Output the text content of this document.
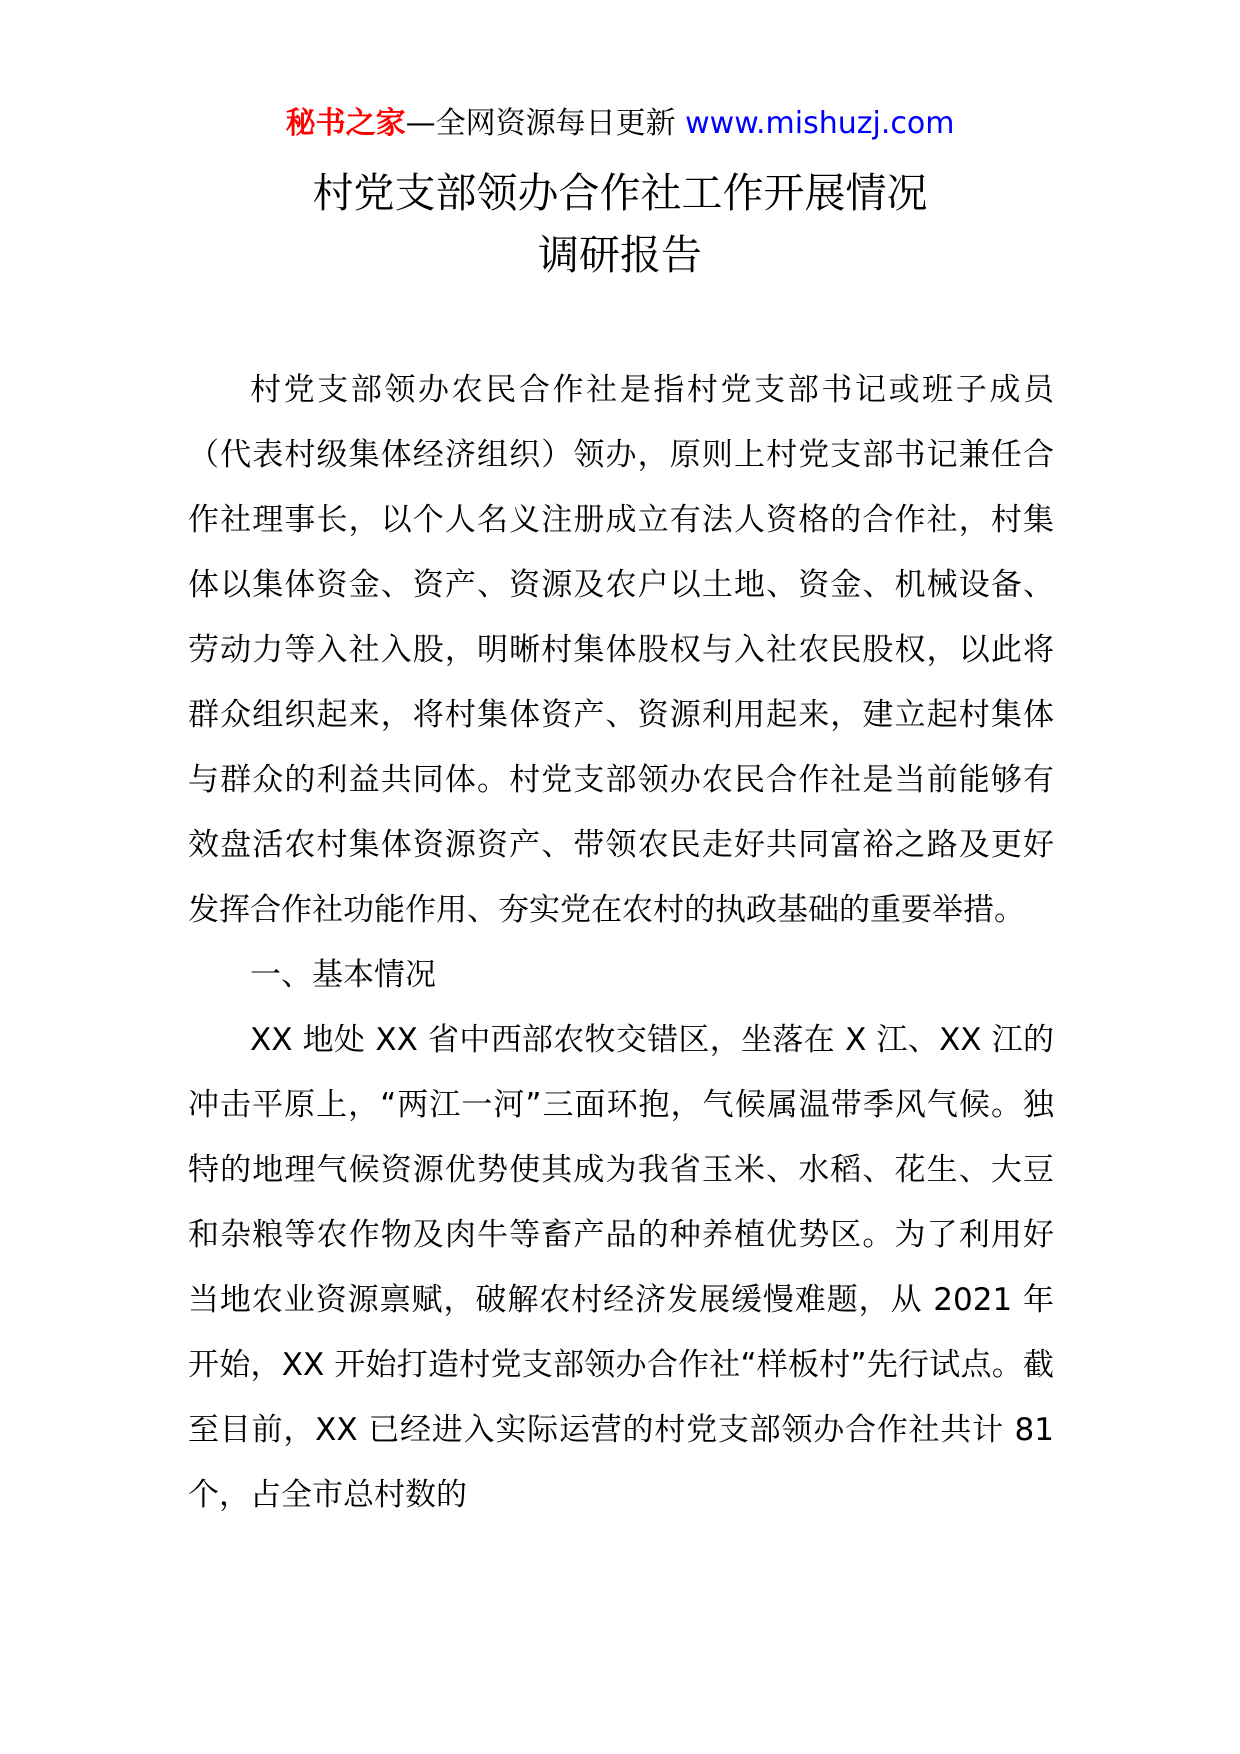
秘书之家—全网资源每日更新 www.mishuzj.com
村党支部领办合作社工作开展情况
调研报告

村党支部领办农民合作社是指村党支部书记或班子成员（代表村级集体经济组织）领办，原则上村党支部书记兼任合作社理事长，以个人名义注册成立有法人资格的合作社，村集体以集体资金、资产、资源及农户以土地、资金、机械设备、劳动力等入社入股，明晰村集体股权与入社农民股权，以此将群众组织起来，将村集体资产、资源利用起来，建立起村集体与群众的利益共同体。村党支部领办农民合作社是当前能够有效盘活农村集体资源资产、带领农民走好共同富裕之路及更好发挥合作社功能作用、夯实党在农村的执政基础的重要举措。

一、基本情况

XX 地处 XX 省中西部农牧交错区，坐落在 X 江、XX 江的冲击平原上，“两江一河”三面环抱，气候属温带季风气候。独特的地理气候资源优势使其成为我省玉米、水稻、花生、大豆和杂粮等农作物及肉牛等畜产品的种养植优势区。为了利用好当地农业资源禀赋，破解农村经济发展缓慢难题，从 2021 年开始，XX 开始打造村党支部领办合作社“样板村”先行试点。截至目前，XX 已经进入实际运营的村党支部领办合作社共计 81 个，占全市总村数的
